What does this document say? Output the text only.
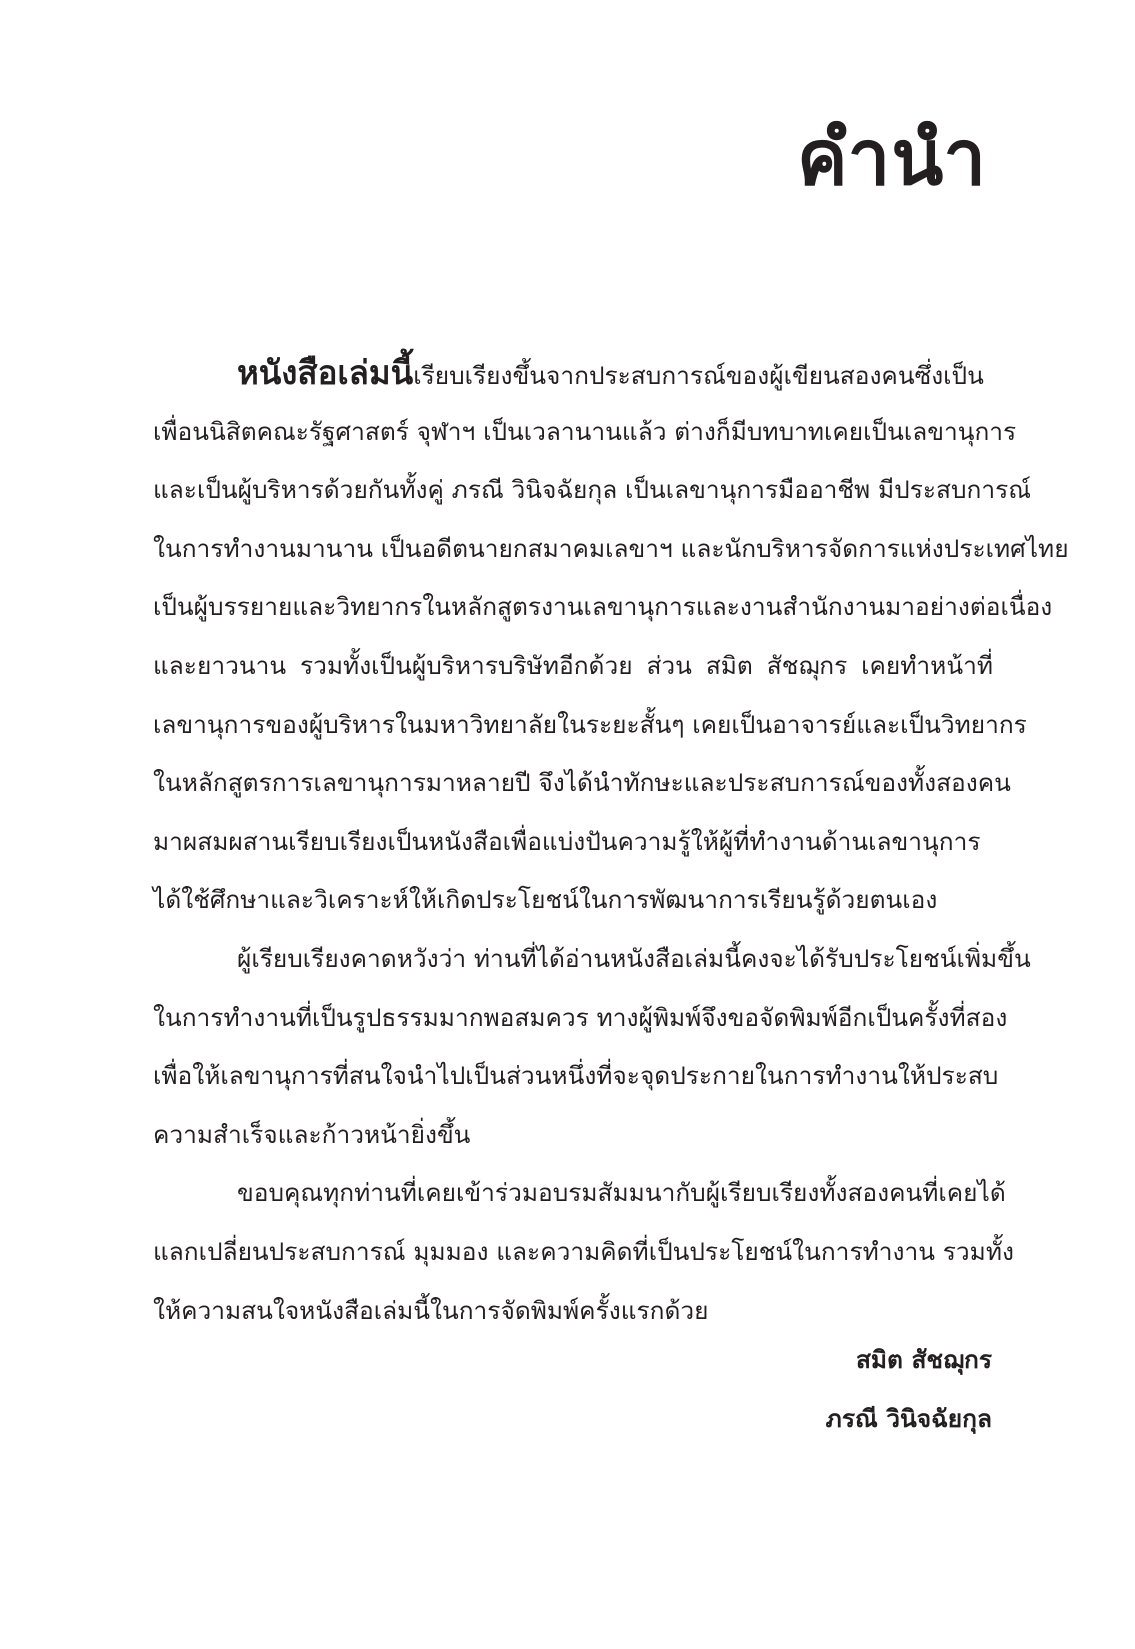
คำนำ
หนังสือเล่มนี้เรียบเรียงขึ้นจากประสบการณ์ของผู้เขียนสองคนซึ่งเป็น
เพื่อนนิสิตคณะรัฐศาสตร์ จุฬาฯ เป็นเวลานานแล้ว ต่างก็มีบทบาทเคยเป็นเลขานุการ
และเป็นผู้บริหารด้วยกันทั้งคู่ ภรณี วินิจฉัยกุล เป็นเลขานุการมืออาชีพ มีประสบการณ์
ในการทำงานมานาน เป็นอดีตนายกสมาคมเลขาฯ และนักบริหารจัดการแห่งประเทศไทย
เป็นผู้บรรยายและวิทยากรในหลักสูตรงานเลขานุการและงานสำนักงานมาอย่างต่อเนื่อง
และยาวนาน รวมทั้งเป็นผู้บริหารบริษัทอีกด้วย ส่วน สมิต สัชฌุกร เคยทำหน้าที่
เลขานุการของผู้บริหารในมหาวิทยาลัยในระยะสั้นๆ เคยเป็นอาจารย์และเป็นวิทยากร
ในหลักสูตรการเลขานุการมาหลายปี จึงได้นำทักษะและประสบการณ์ของทั้งสองคน
มาผสมผสานเรียบเรียงเป็นหนังสือเพื่อแบ่งปันความรู้ให้ผู้ที่ทำงานด้านเลขานุการ
ได้ใช้ศึกษาและวิเคราะห์ให้เกิดประโยชน์ในการพัฒนาการเรียนรู้ด้วยตนเอง
ผู้เรียบเรียงคาดหวังว่า ท่านที่ได้อ่านหนังสือเล่มนี้คงจะได้รับประโยชน์เพิ่มขึ้น
ในการทำงานที่เป็นรูปธรรมมากพอสมควร ทางผู้พิมพ์จึงขอจัดพิมพ์อีกเป็นครั้งที่สอง
เพื่อให้เลขานุการที่สนใจนำไปเป็นส่วนหนึ่งที่จะจุดประกายในการทำงานให้ประสบ
ความสำเร็จและก้าวหน้ายิ่งขึ้น
ขอบคุณทุกท่านที่เคยเข้าร่วมอบรมสัมมนากับผู้เรียบเรียงทั้งสองคนที่เคยได้
แลกเปลี่ยนประสบการณ์ มุมมอง และความคิดที่เป็นประโยชน์ในการทำงาน รวมทั้ง
ให้ความสนใจหนังสือเล่มนี้ในการจัดพิมพ์ครั้งแรกด้วย
สมิต สัชฌุกร
ภรณี วินิจฉัยกุล
